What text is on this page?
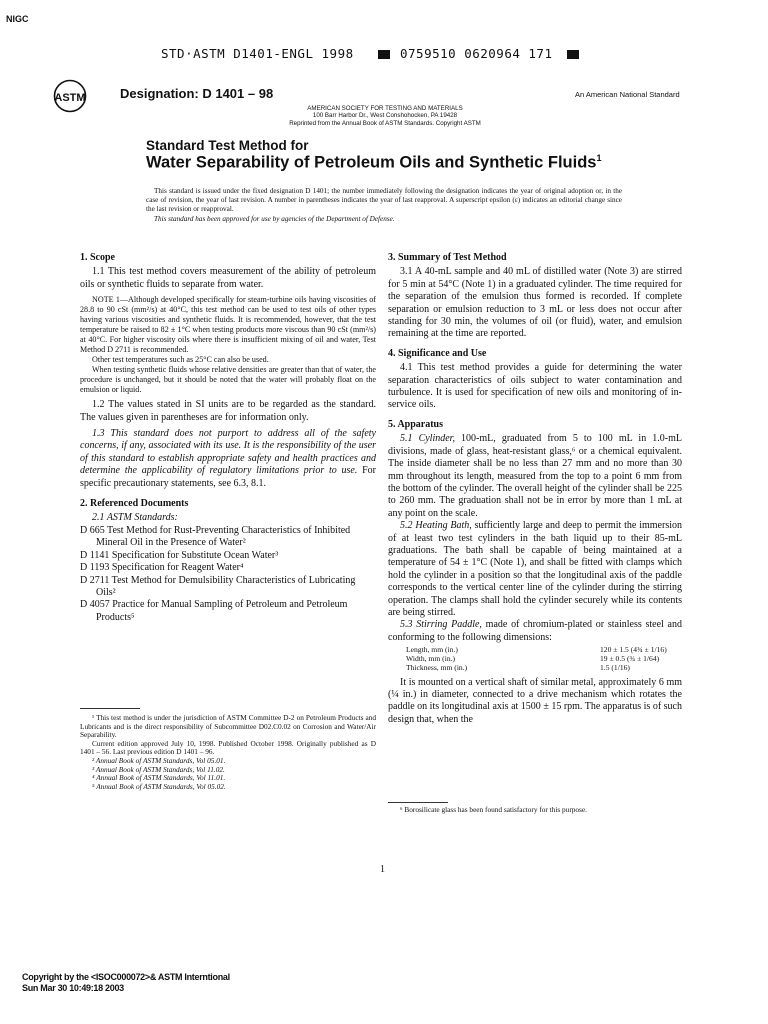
NIGC
STD·ASTM D1401-ENGL 1998	0759510 0620964 171
ASTM	Designation: D 1401 – 98	An American National Standard
AMERICAN SOCIETY FOR TESTING AND MATERIALS
100 Barr Harbor Dr., West Conshohocken, PA 19428
Reprinted from the Annual Book of ASTM Standards. Copyright ASTM
Standard Test Method for
Water Separability of Petroleum Oils and Synthetic Fluids$^1$

This standard is issued under the fixed designation D 1401; the number immediately following the designation indicates the year of original adoption or, in the case of revision, the year of last revision. A number in parentheses indicates the year of last reapproval. A superscript epsilon (ε) indicates an editorial change since the last revision or reapproval.

This standard has been approved for use by agencies of the Department of Defense.

1. Scope

1.1 This test method covers measurement of the ability of petroleum oils or synthetic fluids to separate from water.

NOTE 1—Although developed specifically for steam-turbine oils having viscosities of 28.8 to 90 cSt (mm²/s) at 40°C, this test method can be used to test oils of other types having various viscosities and synthetic fluids. It is recommended, however, that the test temperature be raised to 82 ± 1°C when testing products more viscous than 90 cSt (mm²/s) at 40°C. For higher viscosity oils where there is insufficient mixing of oil and water, Test Method D 2711 is recommended.

Other test temperatures such as 25°C can also be used.

When testing synthetic fluids whose relative densities are greater than that of water, the procedure is unchanged, but it should be noted that the water will probably float on the emulsion or liquid.

1.2 The values stated in SI units are to be regarded as the standard. The values given in parentheses are for information only.

1.3 This standard does not purport to address all of the safety concerns, if any, associated with its use. It is the responsibility of the user of this standard to establish appropriate safety and health practices and determine the applicability of regulatory limitations prior to use. For specific precautionary statements, see 6.3, 8.1.

2. Referenced Documents

2.1 ASTM Standards:

D 665 Test Method for Rust-Preventing Characteristics of Inhibited Mineral Oil in the Presence of Water²

D 1141 Specification for Substitute Ocean Water³

D 1193 Specification for Reagent Water⁴

D 2711 Test Method for Demulsibility Characteristics of Lubricating Oils²

D 4057 Practice for Manual Sampling of Petroleum and Petroleum Products⁵

¹ This test method is under the jurisdiction of ASTM Committee D-2 on Petroleum Products and Lubricants and is the direct responsibility of Subcommittee D02.C0.02 on Corrosion and Water/Air Separability.

Current edition approved July 10, 1998. Published October 1998. Originally published as D 1401 – 56. Last previous edition D 1401 – 96.

² Annual Book of ASTM Standards, Vol 05.01.

³ Annual Book of ASTM Standards, Vol 11.02.

⁴ Annual Book of ASTM Standards, Vol 11.01.

⁵ Annual Book of ASTM Standards, Vol 05.02.

3. Summary of Test Method

3.1 A 40-mL sample and 40 mL of distilled water (Note 3) are stirred for 5 min at 54°C (Note 1) in a graduated cylinder. The time required for the separation of the emulsion thus formed is recorded. If complete separation or emulsion reduction to 3 mL or less does not occur after standing for 30 min, the volumes of oil (or fluid), water, and emulsion remaining at the time are reported.

4. Significance and Use

4.1 This test method provides a guide for determining the water separation characteristics of oils subject to water contamination and turbulence. It is used for specification of new oils and monitoring of in-service oils.

5. Apparatus

5.1 Cylinder, 100-mL, graduated from 5 to 100 mL in 1.0-mL divisions, made of glass, heat-resistant glass,⁶ or a chemical equivalent. The inside diameter shall be no less than 27 mm and no more than 30 mm throughout its length, measured from the top to a point 6 mm from the bottom of the cylinder. The overall height of the cylinder shall be 225 to 260 mm. The graduation shall not be in error by more than 1 mL at any point on the scale.

5.2 Heating Bath, sufficiently large and deep to permit the immersion of at least two test cylinders in the bath liquid up to their 85-mL graduations. The bath shall be capable of being maintained at a temperature of 54 ± 1°C (Note 1), and shall be fitted with clamps which hold the cylinder in a position so that the longitudinal axis of the paddle corresponds to the vertical center line of the cylinder during the stirring operation. The clamps shall hold the cylinder securely while its contents are being stirred.

5.3 Stirring Paddle, made of chromium-plated or stainless steel and conforming to the following dimensions:

Length, mm (in.)	120 ± 1.5 (4¾ ± 1/16)
Width, mm (in.)	19 ± 0.5 (¾ ± 1/64)
Thickness, mm (in.)	1.5 (1/16)

It is mounted on a vertical shaft of similar metal, approximately 6 mm (¼ in.) in diameter, connected to a drive mechanism which rotates the paddle on its longitudinal axis at 1500 ± 15 rpm. The apparatus is of such design that, when the

⁶ Borosilicate glass has been found satisfactory for this purpose.

1
Copyright by the <ISOC000072>& ASTM Interntional
Sun Mar 30 10:49:18 2003
